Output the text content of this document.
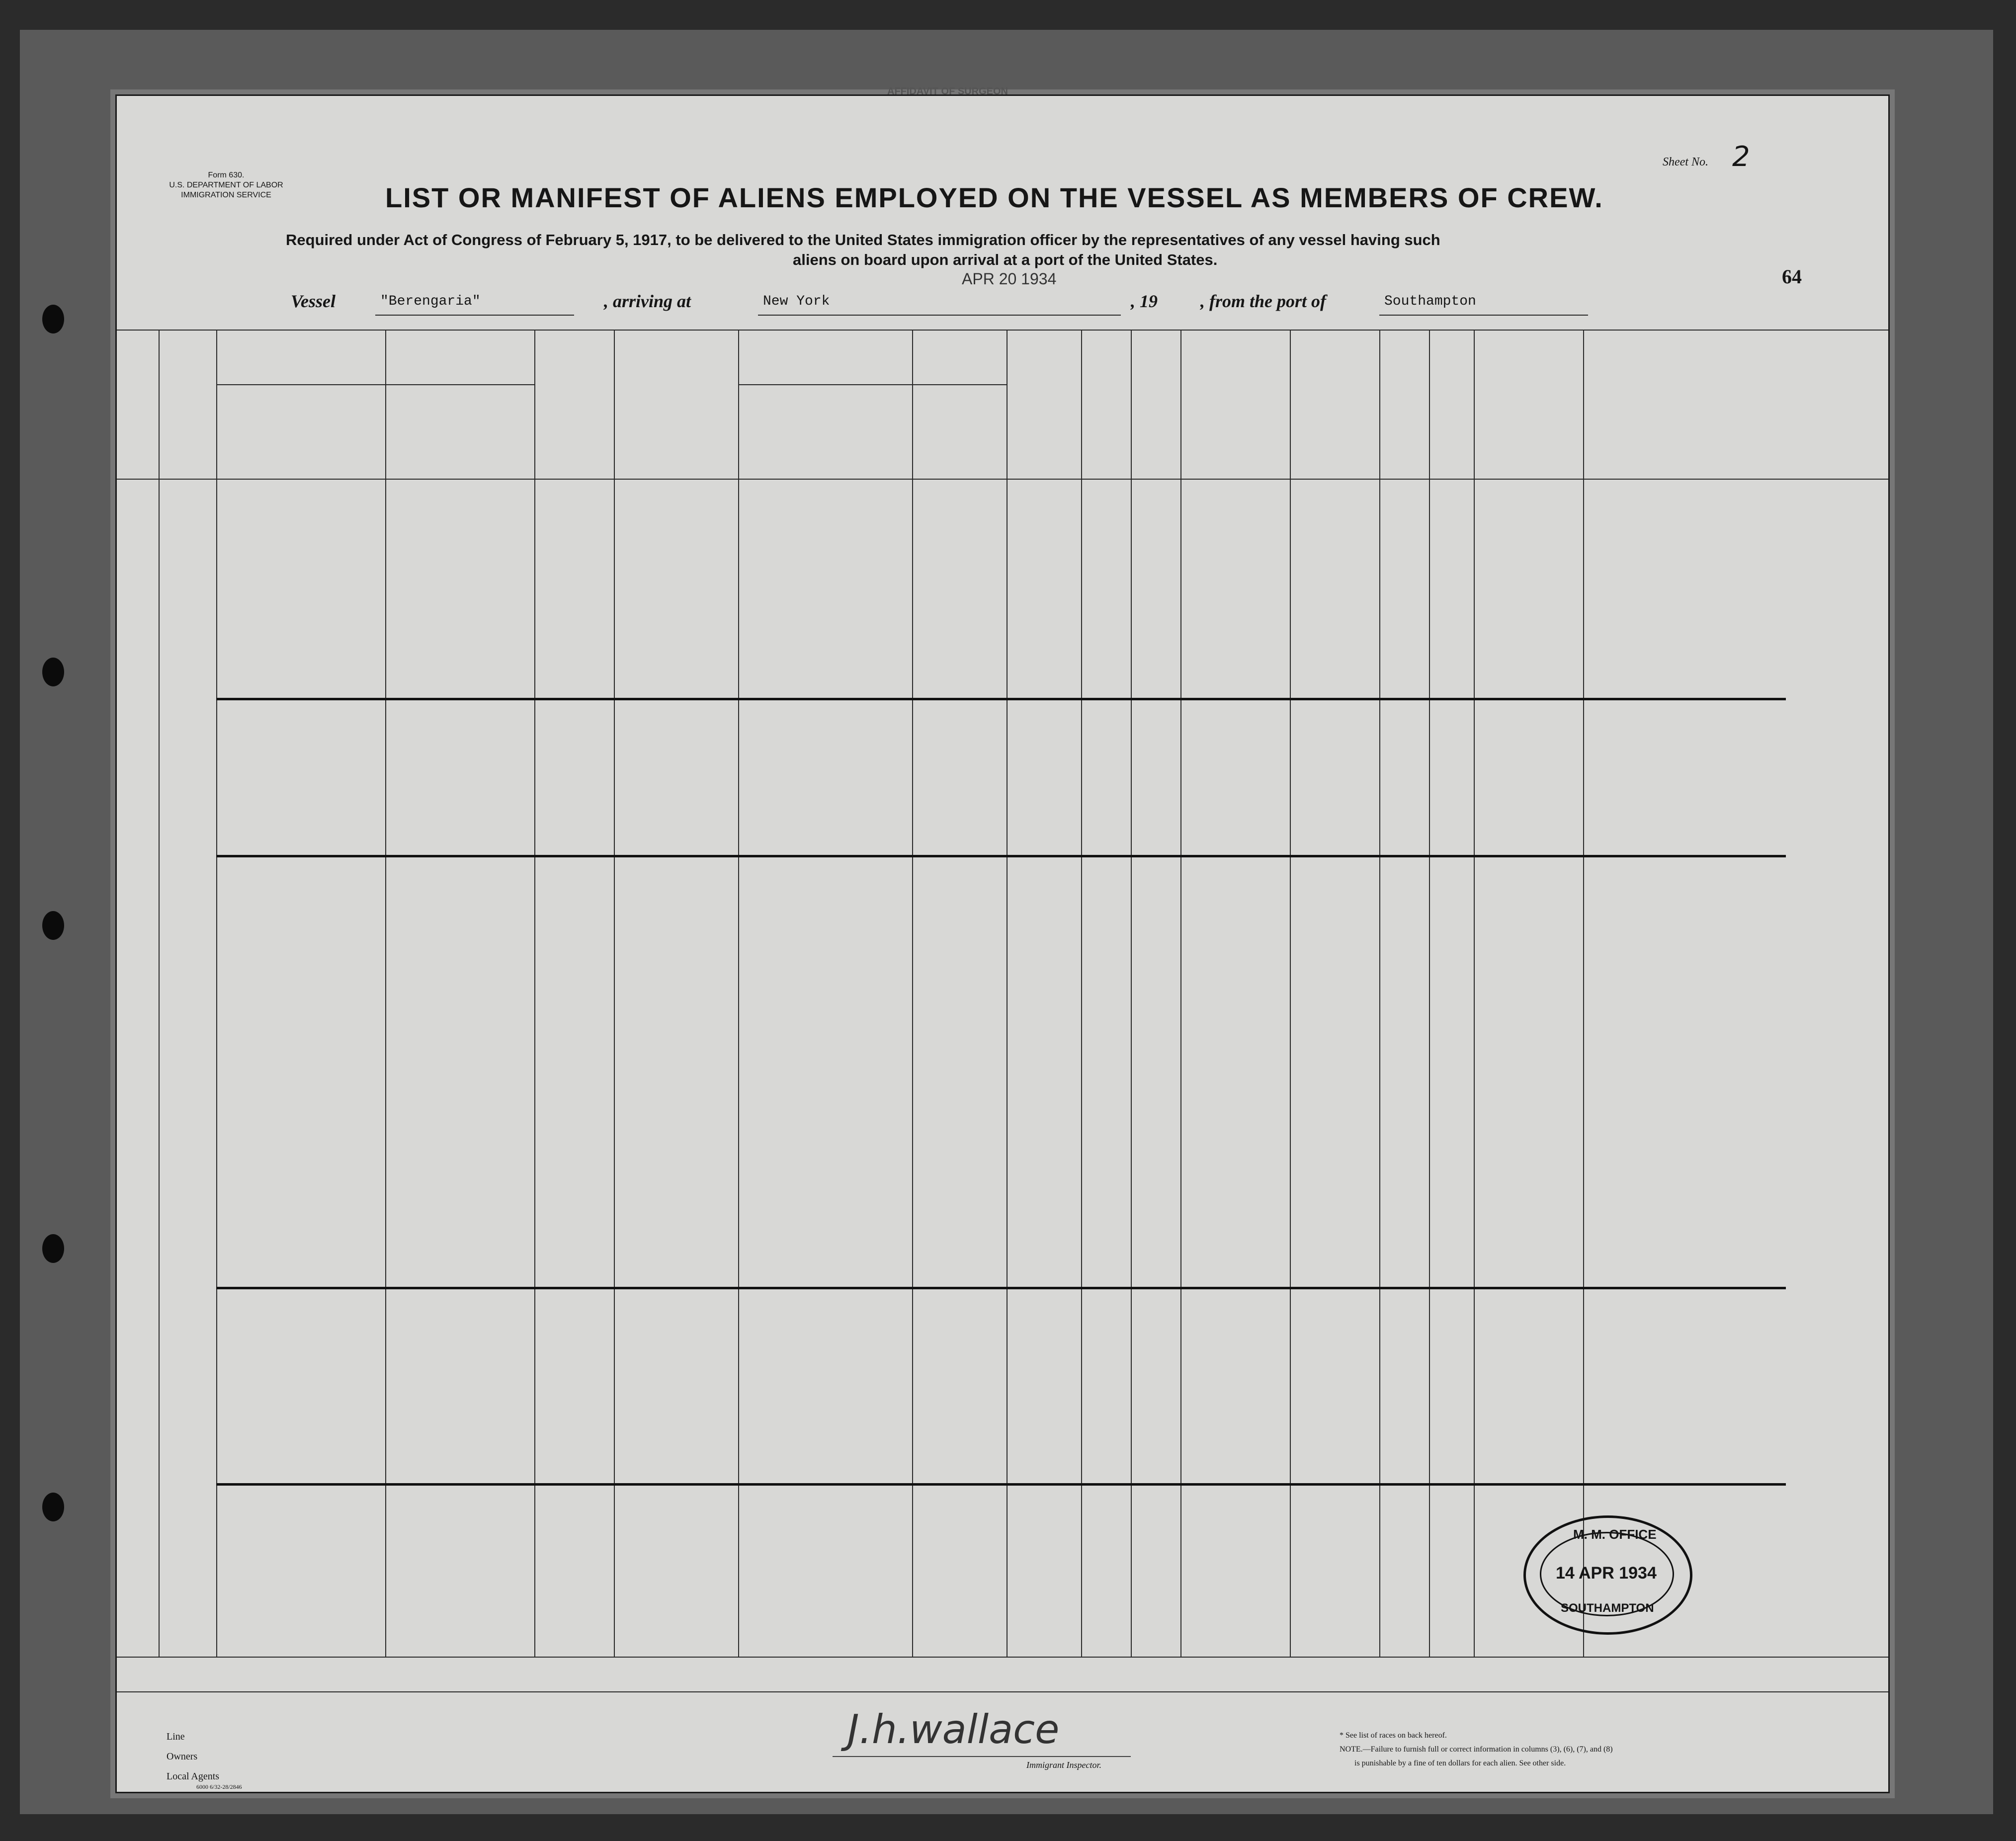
Form 630.
U.S. DEPARTMENT OF LABOR
IMMIGRATION SERVICE
AFFIDAVIT OF SURGEON
Sheet No. 2
LIST OR MANIFEST OF ALIENS EMPLOYED ON THE VESSEL AS MEMBERS OF CREW.
Required under Act of Congress of February 5, 1917, to be delivered to the United States immigration officer by the representatives of any vessel having such
aliens on board upon arrival at a port of the United States.
APR 20 1934	64
Vessel	"Berengaria"	, arriving at	New York	, 19 , from the port of	Southampton
M. M. OFFICE
14 APR 1934
SOUTHAMPTON
Line
Owners
Local Agents
6000 6/32-28/2846
J.h.wallace
Immigrant Inspector.
* See list of races on back hereof.
NOTE.—Failure to furnish full or correct information in columns (3), (6), (7), and (8)
is punishable by a fine of ten dollars for each alien. See other side.
